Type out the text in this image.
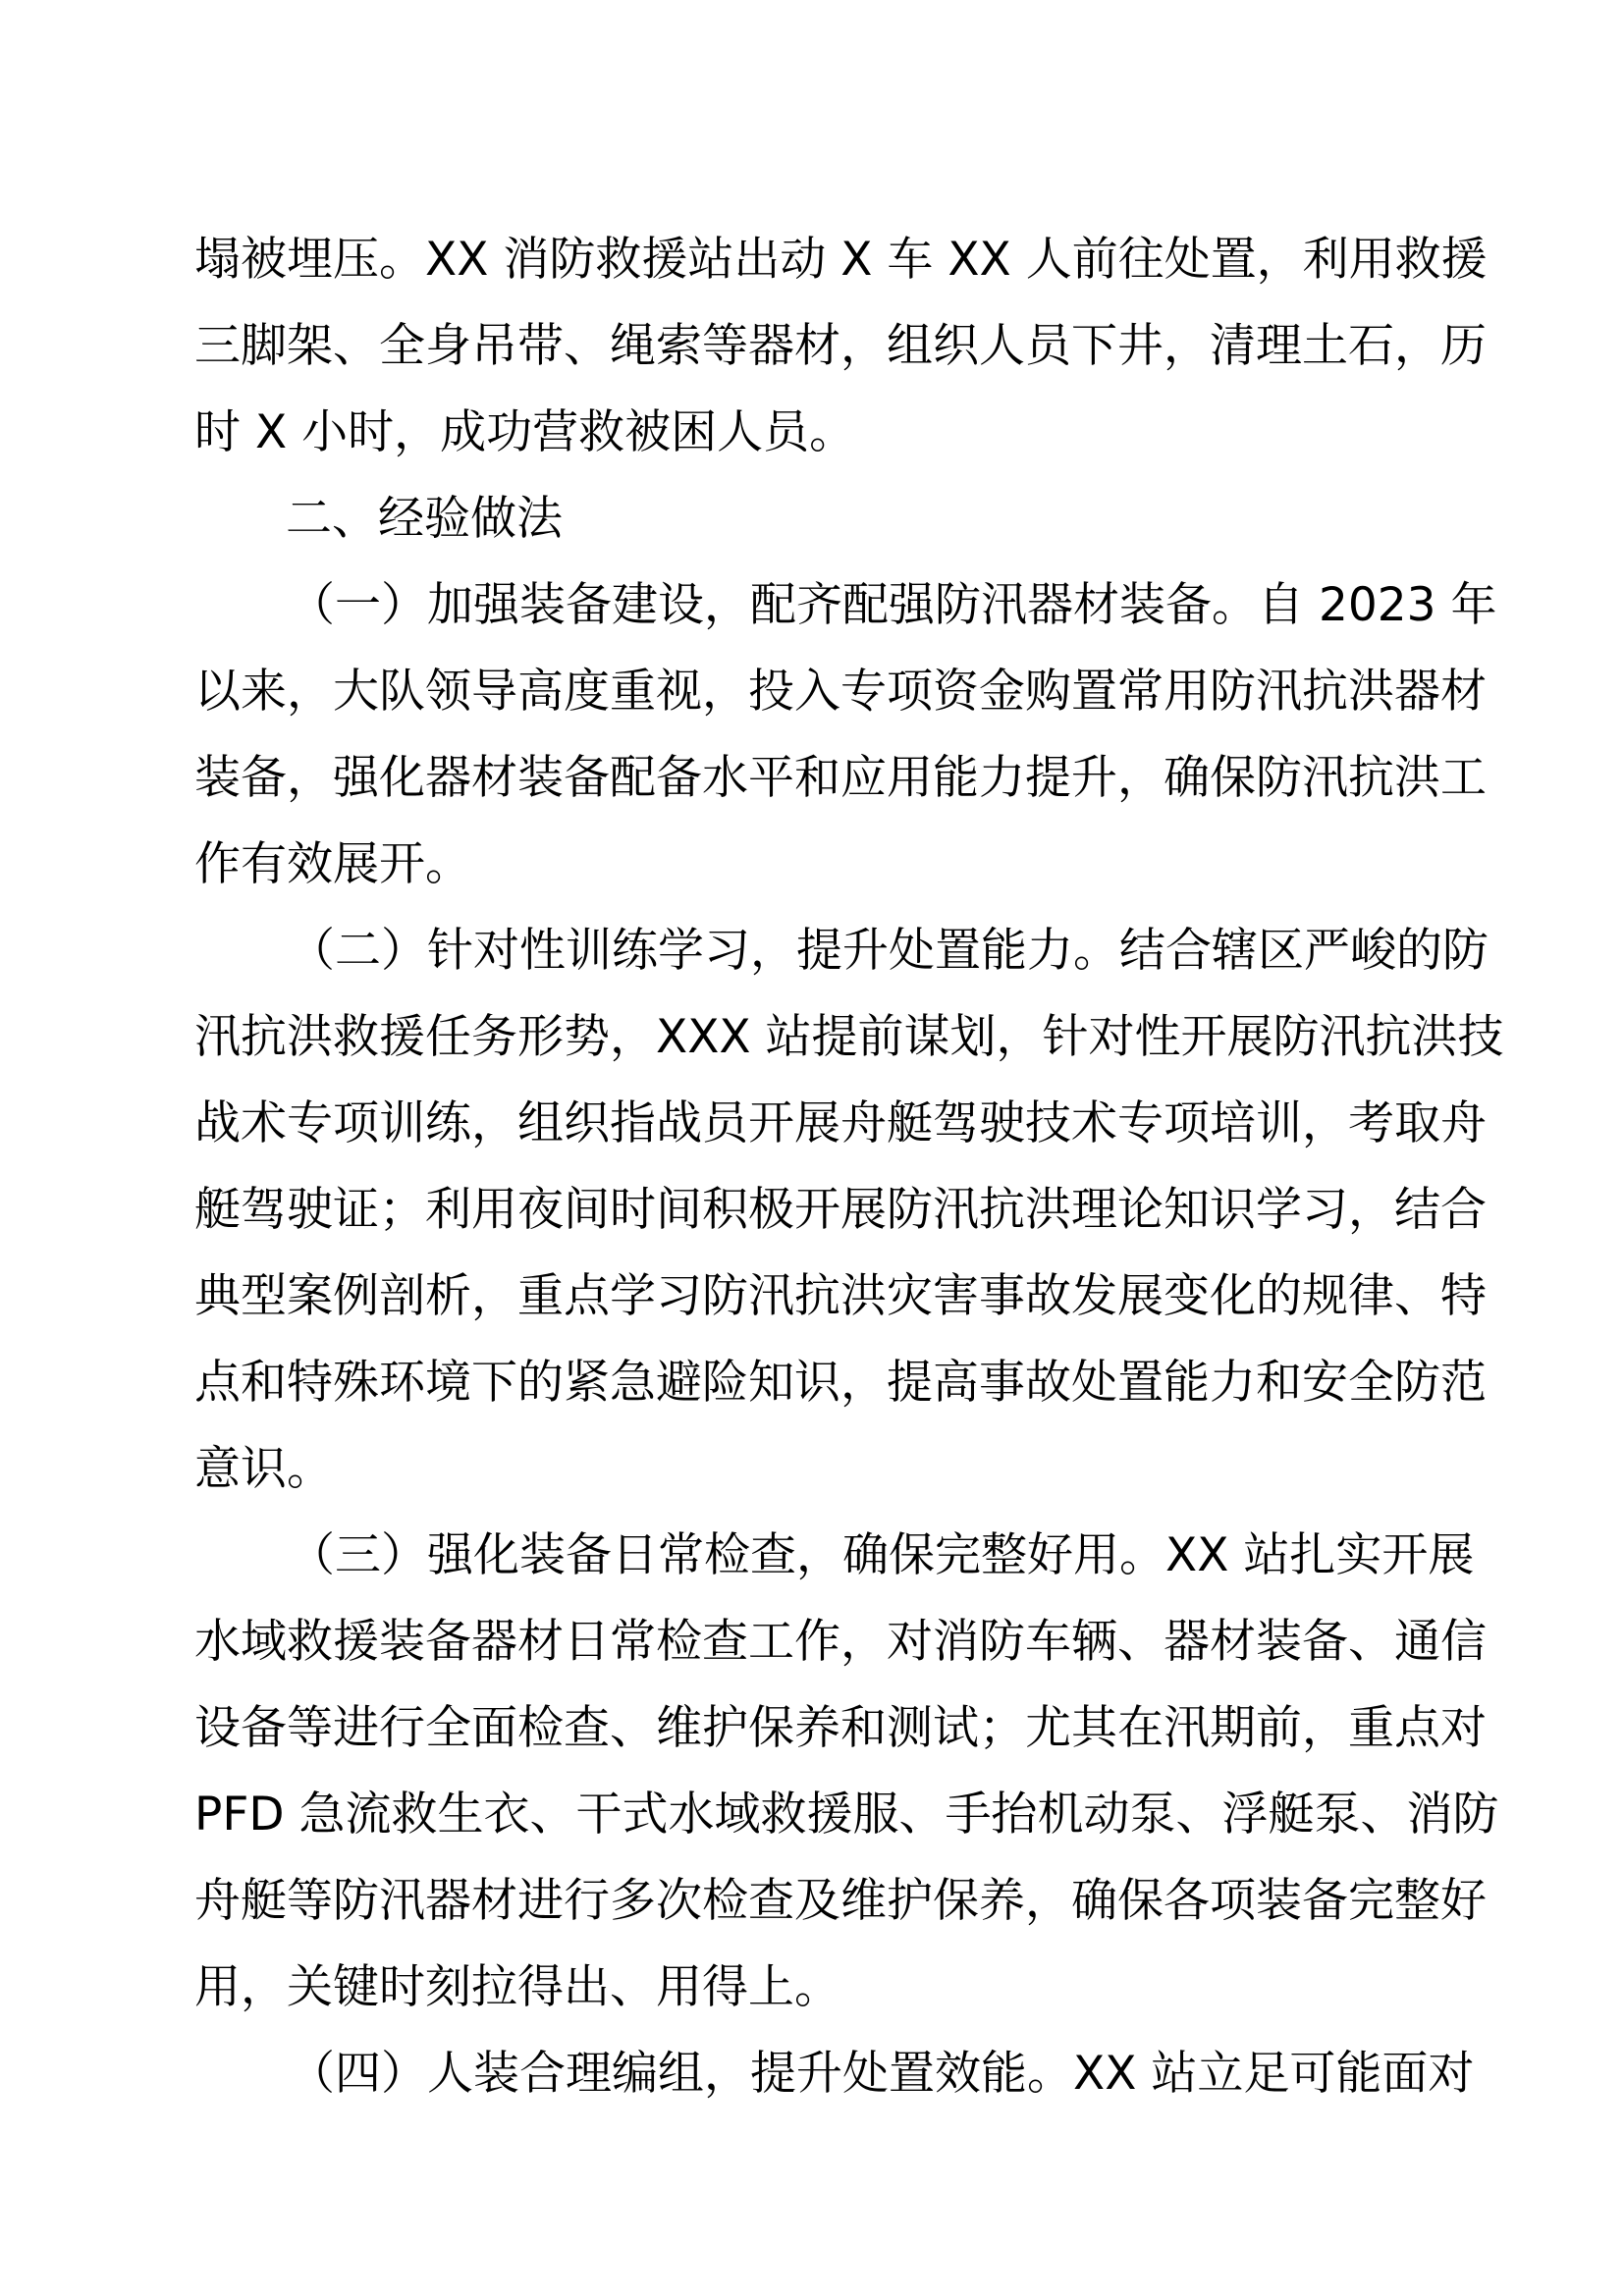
塌被埋压。XX 消防救援站出动 X 车 XX 人前往处置，利用救援
三脚架、全身吊带、绳索等器材，组织人员下井，清理土石，历
时 X 小时，成功营救被困人员。
二、经验做法
（一）加强装备建设，配齐配强防汛器材装备。自 2023 年
以来，大队领导高度重视，投入专项资金购置常用防汛抗洪器材
装备，强化器材装备配备水平和应用能力提升，确保防汛抗洪工
作有效展开。
（二）针对性训练学习，提升处置能力。结合辖区严峻的防
汛抗洪救援任务形势，XXX 站提前谋划，针对性开展防汛抗洪技
战术专项训练，组织指战员开展舟艇驾驶技术专项培训，考取舟
艇驾驶证；利用夜间时间积极开展防汛抗洪理论知识学习，结合
典型案例剖析，重点学习防汛抗洪灾害事故发展变化的规律、特
点和特殊环境下的紧急避险知识，提高事故处置能力和安全防范
意识。
（三）强化装备日常检查，确保完整好用。XX 站扎实开展
水域救援装备器材日常检查工作，对消防车辆、器材装备、通信
设备等进行全面检查、维护保养和测试；尤其在汛期前，重点对
PFD 急流救生衣、干式水域救援服、手抬机动泵、浮艇泵、消防
舟艇等防汛器材进行多次检查及维护保养，确保各项装备完整好
用，关键时刻拉得出、用得上。
（四）人装合理编组，提升处置效能。XX 站立足可能面对
